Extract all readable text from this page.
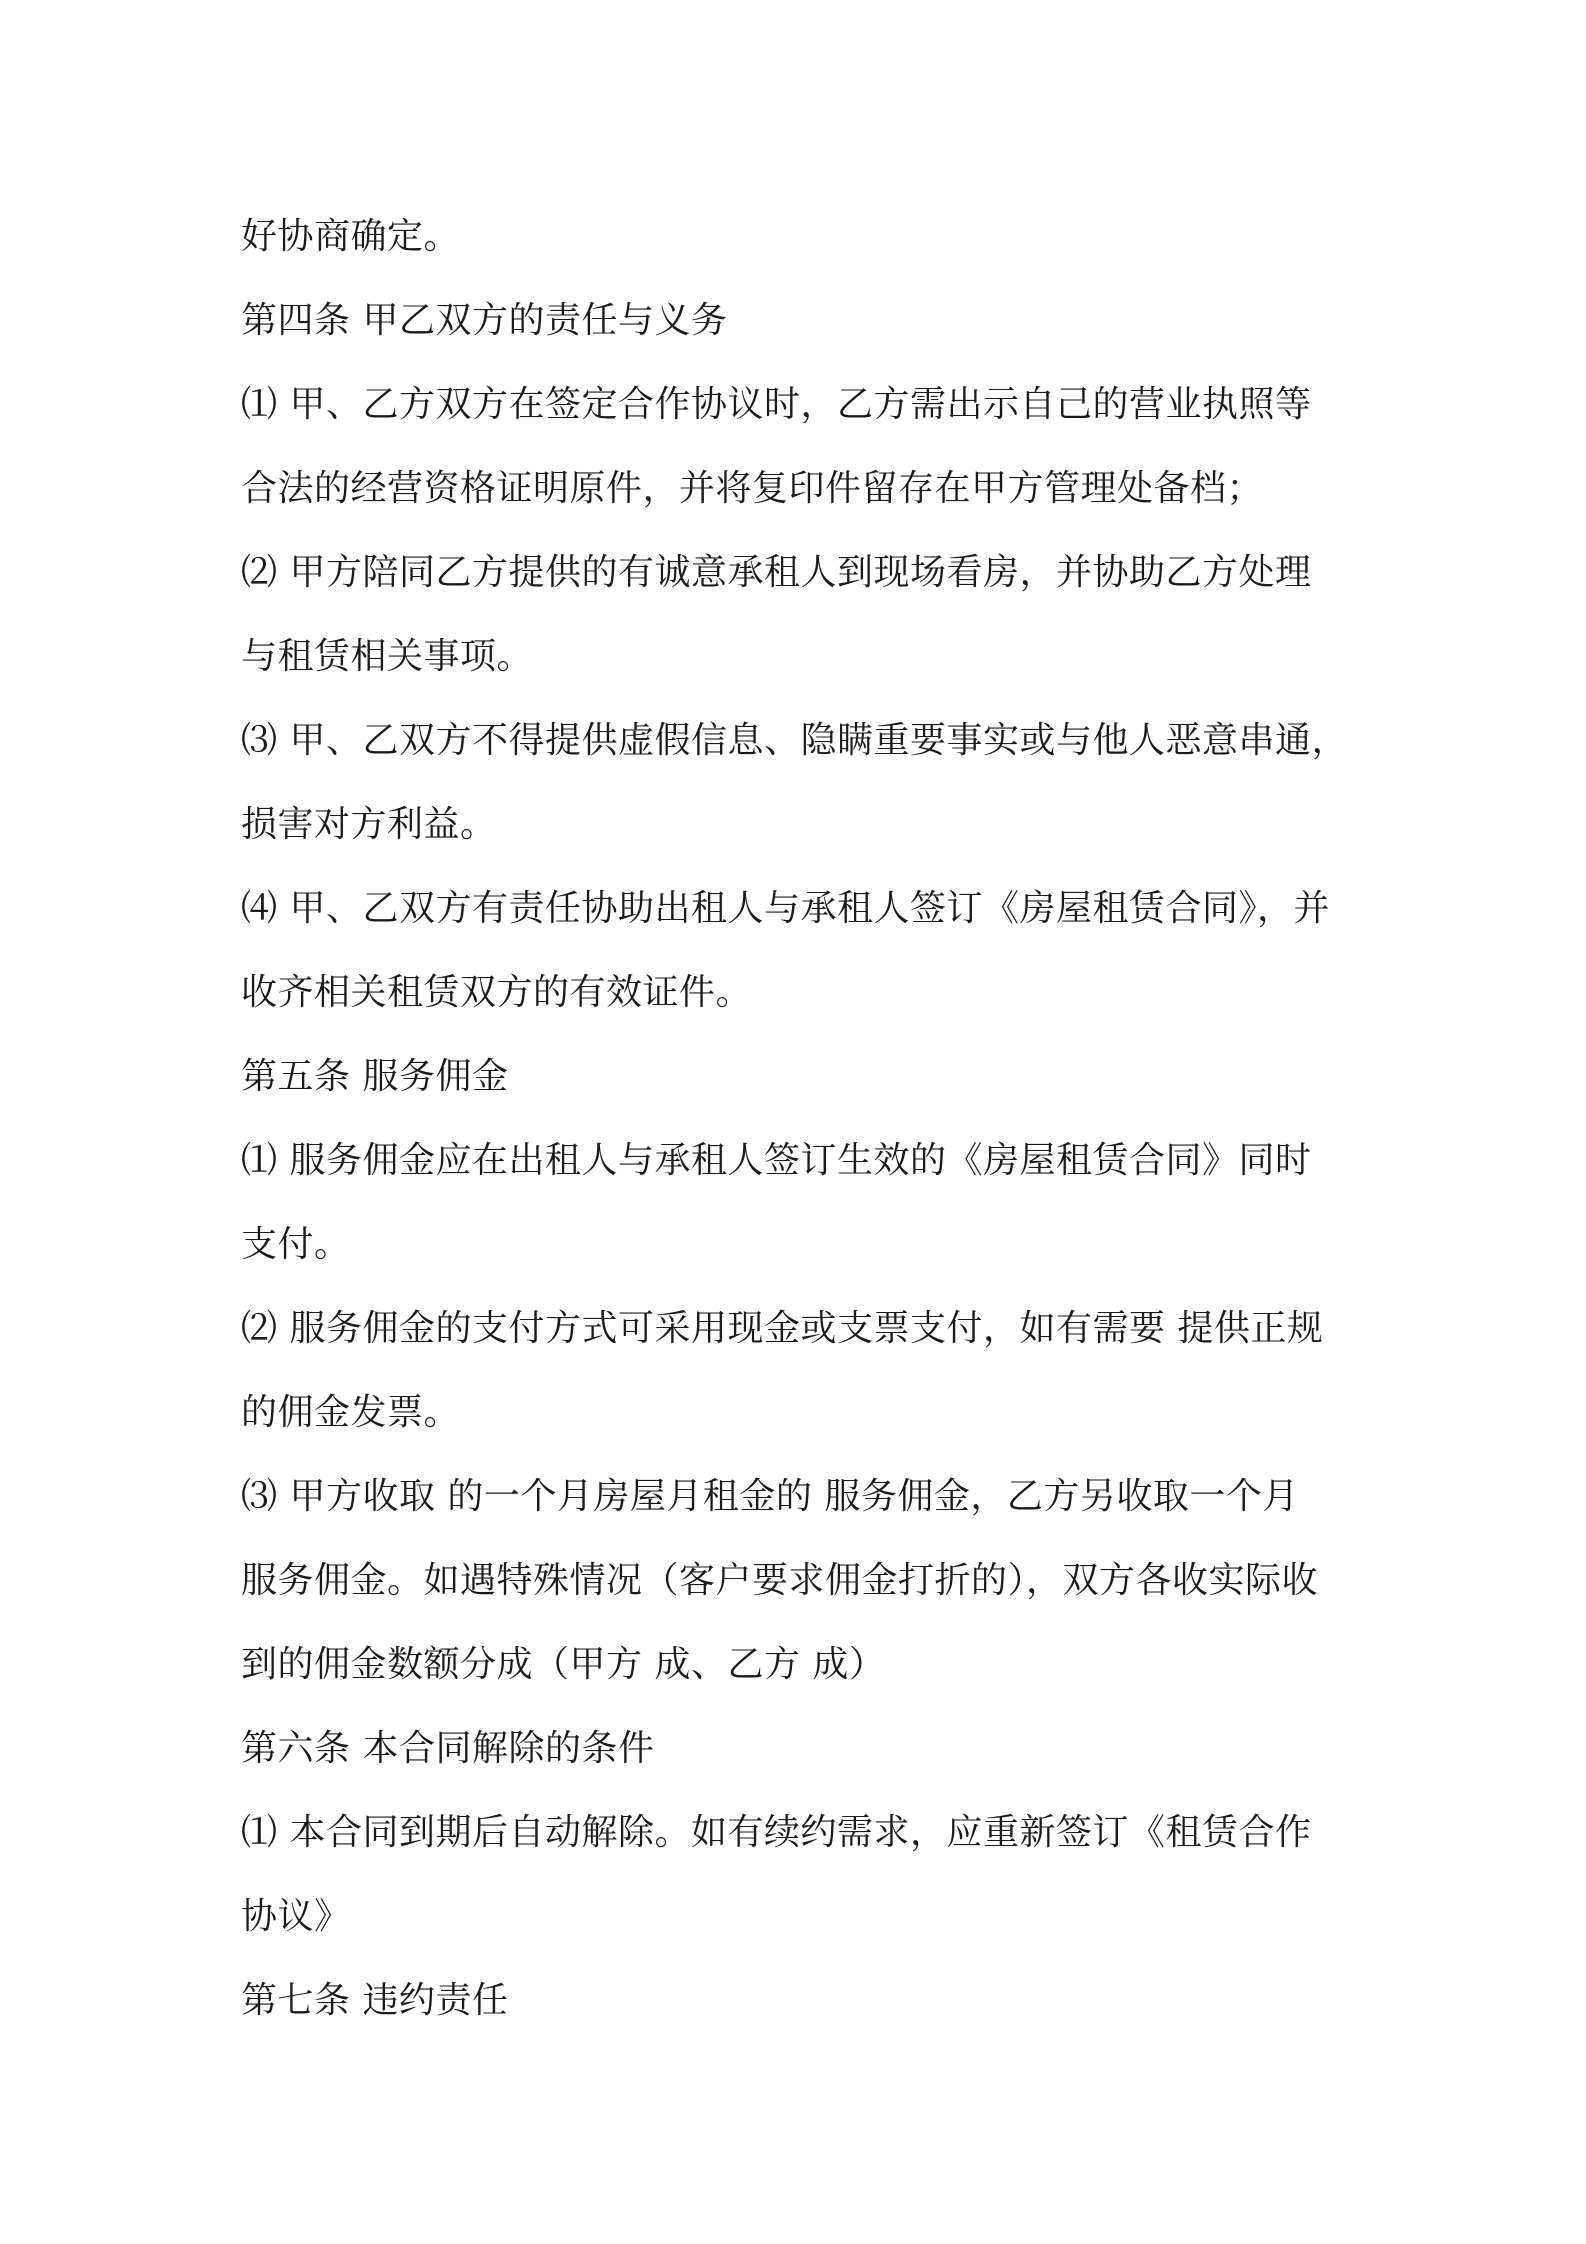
好协商确定。
第四条 甲乙双方的责任与义务
⑴ 甲、乙方双方在签定合作协议时，乙方需出示自己的营业执照等
合法的经营资格证明原件，并将复印件留存在甲方管理处备档；
⑵ 甲方陪同乙方提供的有诚意承租人到现场看房，并协助乙方处理
与租赁相关事项。
⑶ 甲、乙双方不得提供虚假信息、隐瞒重要事实或与他人恶意串通，
损害对方利益。
⑷ 甲、乙双方有责任协助出租人与承租人签订《房屋租赁合同》，并
收齐相关租赁双方的有效证件。
第五条 服务佣金
⑴ 服务佣金应在出租人与承租人签订生效的《房屋租赁合同》同时
支付。
⑵ 服务佣金的支付方式可采用现金或支票支付，如有需要 提供正规
的佣金发票。
⑶ 甲方收取 的一个月房屋月租金的 服务佣金，乙方另收取一个月
服务佣金。如遇特殊情况（客户要求佣金打折的），双方各收实际收
到的佣金数额分成（甲方 成、乙方 成）
第六条 本合同解除的条件
⑴ 本合同到期后自动解除。如有续约需求，应重新签订《租赁合作
协议》
第七条 违约责任
